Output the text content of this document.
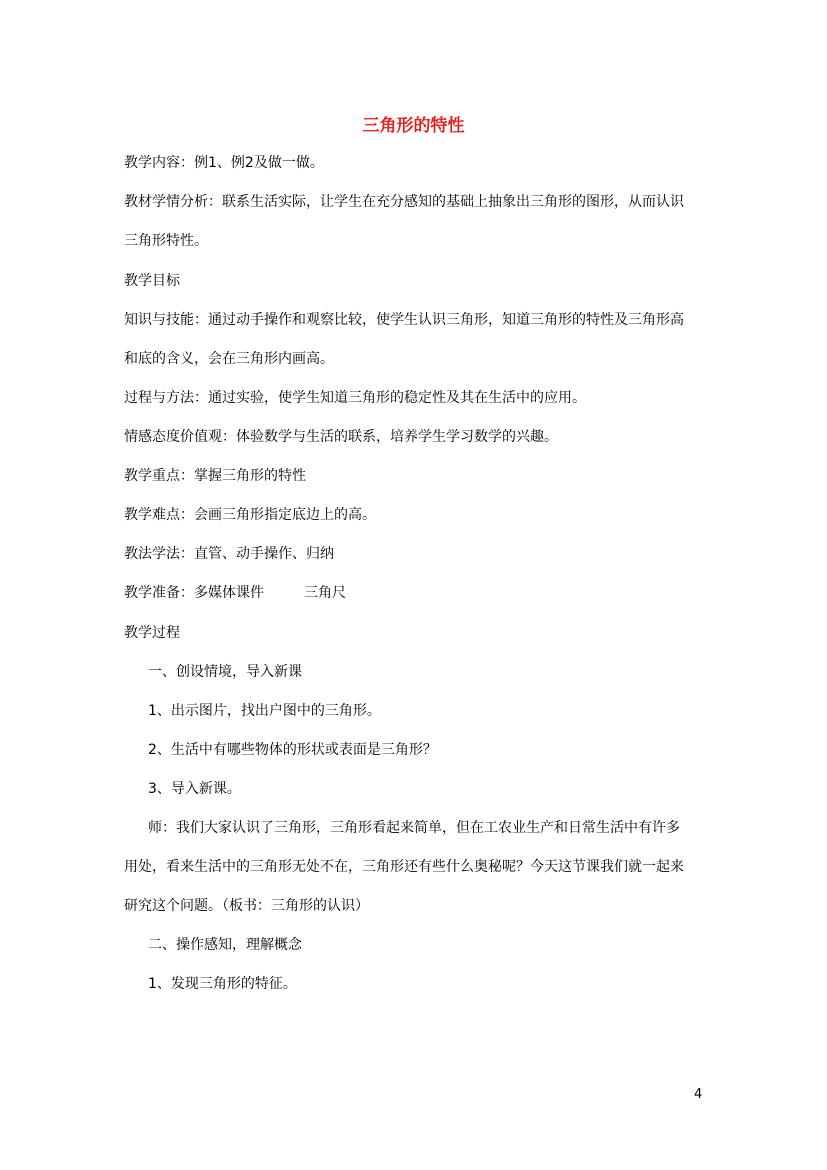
三角形的特性
教学内容：例1、例2及做一做。
教材学情分析：联系生活实际，让学生在充分感知的基础上抽象出三角形的图形，从而认识
三角形特性。
教学目标
知识与技能：通过动手操作和观察比较，使学生认识三角形，知道三角形的特性及三角形高
和底的含义，会在三角形内画高。
过程与方法：通过实验，使学生知道三角形的稳定性及其在生活中的应用。
情感态度价值观：体验数学与生活的联系，培养学生学习数学的兴趣。
教学重点：掌握三角形的特性
教学难点：会画三角形指定底边上的高。
教法学法：直管、动手操作、归纳
教学准备：多媒体课件	三角尺
教学过程
一、创设情境，导入新课
1、出示图片，找出户图中的三角形。
2、生活中有哪些物体的形状或表面是三角形？
3、导入新课。
师：我们大家认识了三角形，三角形看起来简单，但在工农业生产和日常生活中有许多
用处，看来生活中的三角形无处不在，三角形还有些什么奥秘呢？今天这节课我们就一起来
研究这个问题。（板书：三角形的认识）
二、操作感知，理解概念
1、发现三角形的特征。
4
